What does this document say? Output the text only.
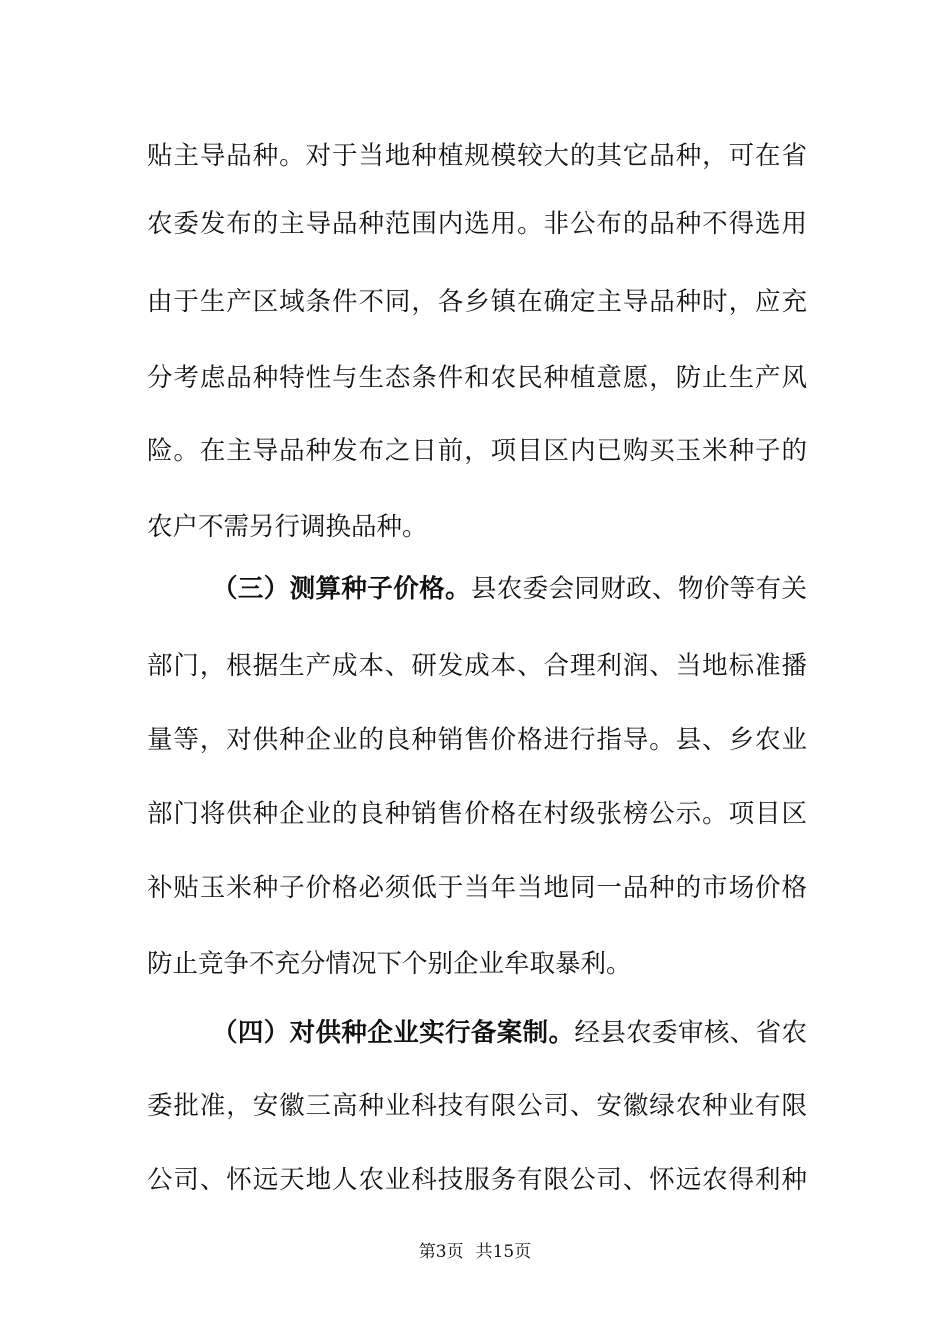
贴主导品种。对于当地种植规模较大的其它品种，可在省
农委发布的主导品种范围内选用。非公布的品种不得选用
由于生产区域条件不同，各乡镇在确定主导品种时，应充
分考虑品种特性与生态条件和农民种植意愿，防止生产风
险。在主导品种发布之日前，项目区内已购买玉米种子的
农户不需另行调换品种。
（三）测算种子价格。县农委会同财政、物价等有关
部门，根据生产成本、研发成本、合理利润、当地标准播
量等，对供种企业的良种销售价格进行指导。县、乡农业
部门将供种企业的良种销售价格在村级张榜公示。项目区
补贴玉米种子价格必须低于当年当地同一品种的市场价格
防止竞争不充分情况下个别企业牟取暴利。
（四）对供种企业实行备案制。经县农委审核、省农
委批准，安徽三高种业科技有限公司、安徽绿农种业有限
公司、怀远天地人农业科技服务有限公司、怀远农得利种
第3页 共15页
